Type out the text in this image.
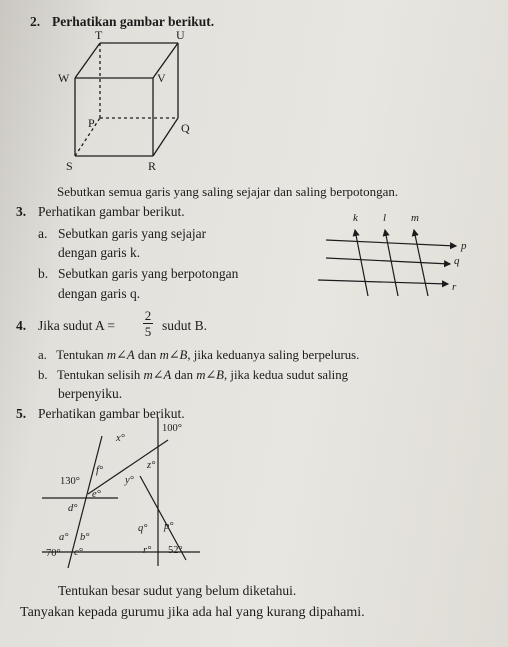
2. Perhatikan gambar berikut.
T	U
W	V
P	Q
S	R
Sebutkan semua garis yang saling sejajar dan saling berpotongan.
3. Perhatikan gambar berikut.
a. Sebutkan garis yang sejajar
dengan garis k.
b. Sebutkan garis yang berpotongan
dengan garis q.
k l m
p
q
r
4. Jika sudut A =
2
5 sudut B.
a. Tentukan m∠A dan m∠B, jika keduanya saling berpelurus.
b. Tentukan selisih m∠A dan m∠B, jika kedua sudut saling
berpenyiku.
5. Perhatikan gambar berikut.
100°
x°
z°
y°
f°
130°
d°
e°
a° b°
q° p°
70° c°	r° 52°
Tentukan besar sudut yang belum diketahui.
Tanyakan kepada gurumu jika ada hal yang kurang dipahami.
